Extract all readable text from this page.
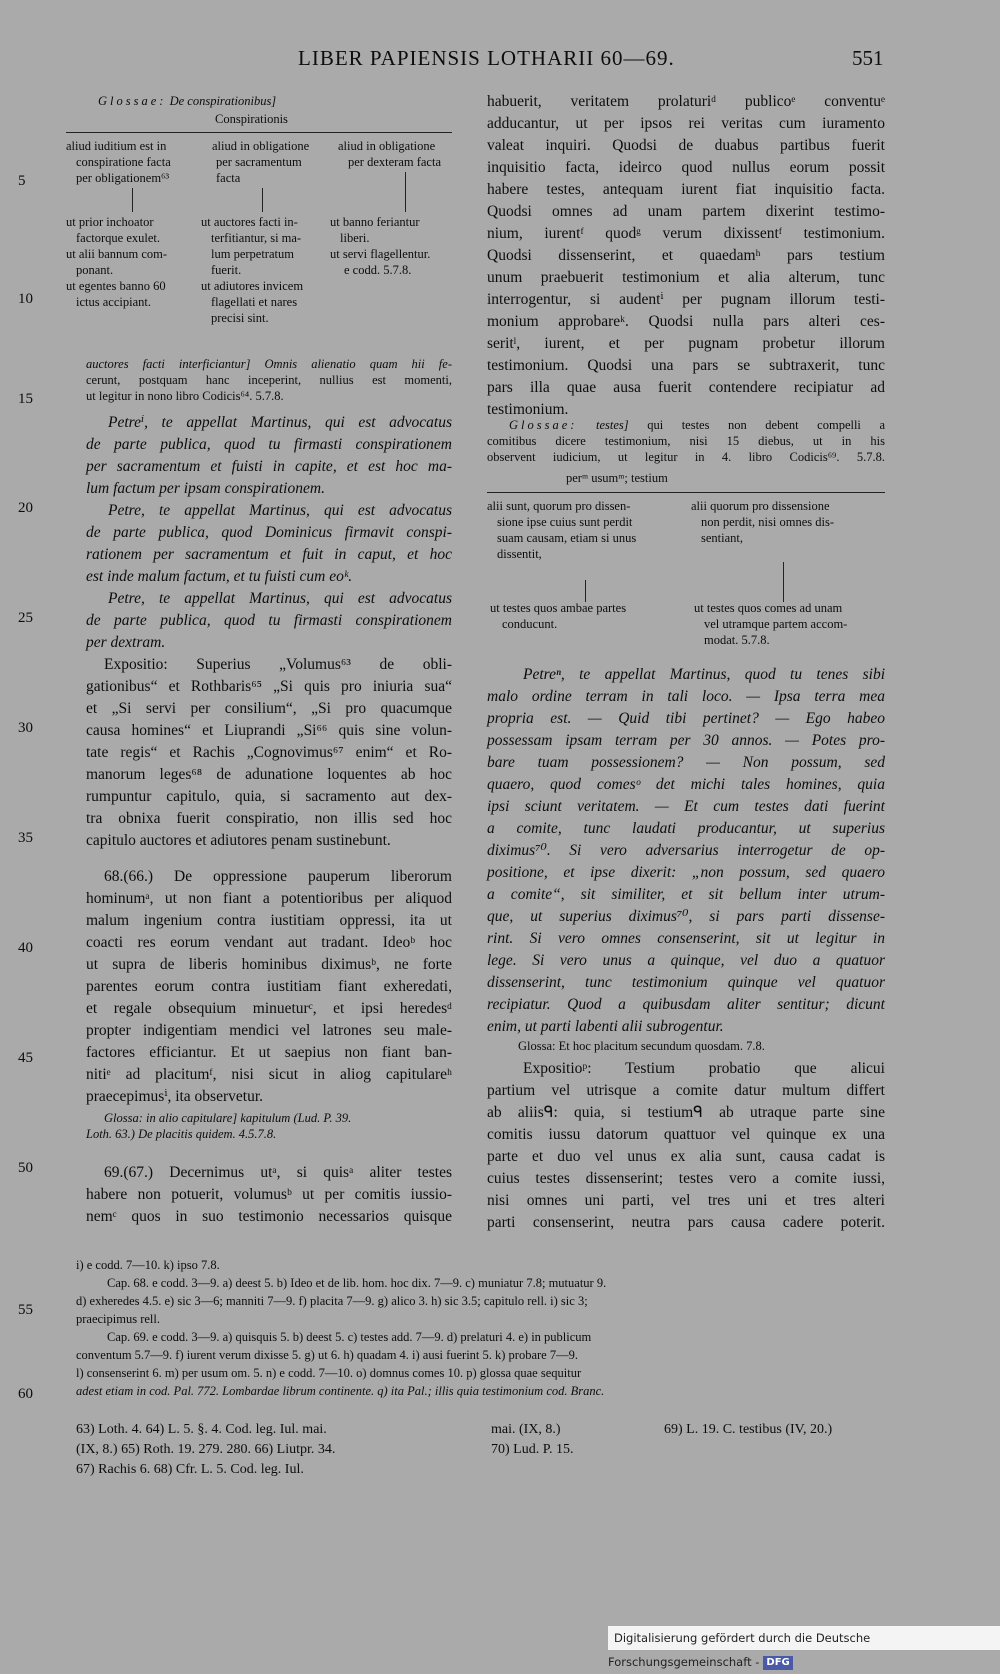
LIBER PAPIENSIS LOTHARII 60—69.	551
5
10
15
20
25
30
35
40
45
50
55
60
Glossae: De conspirationibus]
Conspirationis
aliud iuditium est in
conspiratione facta
per obligationem⁶³
aliud in obligatione
per sacramentum
facta
aliud in obligatione
per dexteram facta
ut prior inchoator
factorque exulet.
ut alii bannum com-
ponant.
ut egentes banno 60
ictus accipiant.
ut auctores facti in-
terfitiantur, si ma-
lum perpetratum
fuerit.
ut adiutores invicem
flagellati et nares
precisi sint.
ut banno feriantur
liberi.
ut servi flagellentur.
e codd. 5.7.8.
auctores facti interficiantur] Omnis alienatio quam hii fe-
cerunt, postquam hanc inceperint, nullius est momenti,
ut legitur in nono libro Codicis⁶⁴. 5.7.8.
Petreⁱ, te appellat Martinus, qui est advocatus
de parte publica, quod tu firmasti conspirationem
per sacramentum et fuisti in capite, et est hoc ma-
lum factum per ipsam conspirationem.
Petre, te appellat Martinus, qui est advocatus
de parte publica, quod Dominicus firmavit conspi-
rationem per sacramentum et fuit in caput, et hoc
est inde malum factum, et tu fuisti cum eoᵏ.
Petre, te appellat Martinus, qui est advocatus
de parte publica, quod tu firmasti conspirationem
per dextram.
Expositio: Superius „Volumus⁶³ de obli-
gationibus“ et Rothbaris⁶⁵ „Si quis pro iniuria sua“
et „Si servi per consilium“, „Si pro quacumque
causa homines“ et Liuprandi „Si⁶⁶ quis sine volun-
tate regis“ et Rachis „Cognovimus⁶⁷ enim“ et Ro-
manorum leges⁶⁸ de adunatione loquentes ab hoc
rumpuntur capitulo, quia, si sacramento aut dex-
tra obnixa fuerit conspiratio, non illis sed hoc
capitulo auctores et adiutores penam sustinebunt.
68.(66.) De oppressione pauperum liberorum
hominumᵃ, ut non fiant a potentioribus per aliquod
malum ingenium contra iustitiam oppressi, ita ut
coacti res eorum vendant aut tradant. Ideoᵇ hoc
ut supra de liberis hominibus diximusᵇ, ne forte
parentes eorum contra iustitiam fiant exheredati,
et regale obsequium minueturᶜ, et ipsi heredesᵈ
propter indigentiam mendici vel latrones seu male-
factores efficiantur. Et ut saepius non fiant ban-
nitiᵉ ad placitumᶠ, nisi sicut in aliog capitulareʰ
praecepimusⁱ, ita observetur.
Glossa: in alio capitulare] kapitulum (Lud. P. 39.
Loth. 63.) De placitis quidem. 4.5.7.8.
69.(67.) Decernimus utᵃ, si quisᵃ aliter testes
habere non potuerit, volumusᵇ ut per comitis iussio-
nemᶜ quos in suo testimonio necessarios quisque
habuerit, veritatem prolaturiᵈ publicoᵉ conventuᵉ
adducantur, ut per ipsos rei veritas cum iuramento
valeat inquiri. Quodsi de duabus partibus fuerit
inquisitio facta, ideirco quod nullus eorum possit
habere testes, antequam iurent fiat inquisitio facta.
Quodsi omnes ad unam partem dixerint testimo-
nium, iurentᶠ quodᵍ verum dixissentᶠ testimonium.
Quodsi dissenserint, et quaedamʰ pars testium
unum praebuerit testimonium et alia alterum, tunc
interrogentur, si audentⁱ per pugnam illorum testi-
monium approbareᵏ. Quodsi nulla pars alteri ces-
seritˡ, iurent, et per pugnam probetur illorum
testimonium. Quodsi una pars se subtraxerit, tunc
pars illa quae ausa fuerit contendere recipiatur ad
testimonium.
Glossae: testes] qui testes non debent compelli a
comitibus dicere testimonium, nisi 15 diebus, ut in his
observent iudicium, ut legitur in 4. libro Codicis⁶⁹. 5.7.8.
perᵐ usumᵐ; testium
alii sunt, quorum pro dissen-
sione ipse cuius sunt perdit
suam causam, etiam si unus
dissentit,
alii quorum pro dissensione
non perdit, nisi omnes dis-
sentiant,
ut testes quos ambae partes
conducunt.
ut testes quos comes ad unam
vel utramque partem accom-
modat. 5.7.8.
Petreⁿ, te appellat Martinus, quod tu tenes sibi
malo ordine terram in tali loco. — Ipsa terra mea
propria est. — Quid tibi pertinet? — Ego habeo
possessam ipsam terram per 30 annos. — Potes pro-
bare tuam possessionem? — Non possum, sed
quaero, quod comesᵒ det michi tales homines, quia
ipsi sciunt veritatem. — Et cum testes dati fuerint
a comite, tunc laudati producantur, ut superius
diximus⁷⁰. Si vero adversarius interrogetur de op-
positione, et ipse dixerit: „non possum, sed quaero
a comite“, sit similiter, et sit bellum inter utrum-
que, ut superius diximus⁷⁰, si pars parti dissense-
rint. Si vero omnes consenserint, sit ut legitur in
lege. Si vero unus a quinque, vel duo a quatuor
dissenserint, tunc testimonium quinque vel quatuor
recipiatur. Quod a quibusdam aliter sentitur; dicunt
enim, ut parti labenti alii subrogentur.
Glossa: Et hoc placitum secundum quosdam. 7.8.
Expositioᵖ: Testium probatio que alicui
partium vel utrisque a comite datur multum differt
ab aliisᑫ: quia, si testiumᑫ ab utraque parte sine
comitis iussu datorum quattuor vel quinque ex una
parte et duo vel unus ex alia sunt, causa cadat is
cuius testes dissenserint; testes vero a comite iussi,
nisi omnes uni parti, vel tres uni et tres alteri
parti consenserint, neutra pars causa cadere poterit.
i) e codd. 7—10. k) ipso 7.8.
Cap. 68. e codd. 3—9. a) deest 5. b) Ideo et de lib. hom. hoc dix. 7—9. c) muniatur 7.8; mutuatur 9.
d) exheredes 4.5. e) sic 3—6; manniti 7—9. f) placita 7—9. g) alico 3. h) sic 3.5; capitulo rell. i) sic 3;
praecipimus rell.
Cap. 69. e codd. 3—9. a) quisquis 5. b) deest 5. c) testes add. 7—9. d) prelaturi 4. e) in publicum
conventum 5.7—9. f) iurent verum dixisse 5. g) ut 6. h) quadam 4. i) ausi fuerint 5. k) probare 7—9.
l) consenserint 6. m) per usum om. 5. n) e codd. 7—10. o) domnus comes 10. p) glossa quae sequitur
adest etiam in cod. Pal. 772. Lombardae librum continente. q) ita Pal.; illis quia testimonium cod. Branc.
63) Loth. 4. 64) L. 5. §. 4. Cod. leg. Iul. mai.
(IX, 8.) 65) Roth. 19. 279. 280. 66) Liutpr. 34.
67) Rachis 6. 68) Cfr. L. 5. Cod. leg. Iul.
mai. (IX, 8.)
70) Lud. P. 15.
69) L. 19. C. testibus (IV, 20.)
Digitalisierung gefördert durch die Deutsche Forschungsgemeinschaft - DFG
